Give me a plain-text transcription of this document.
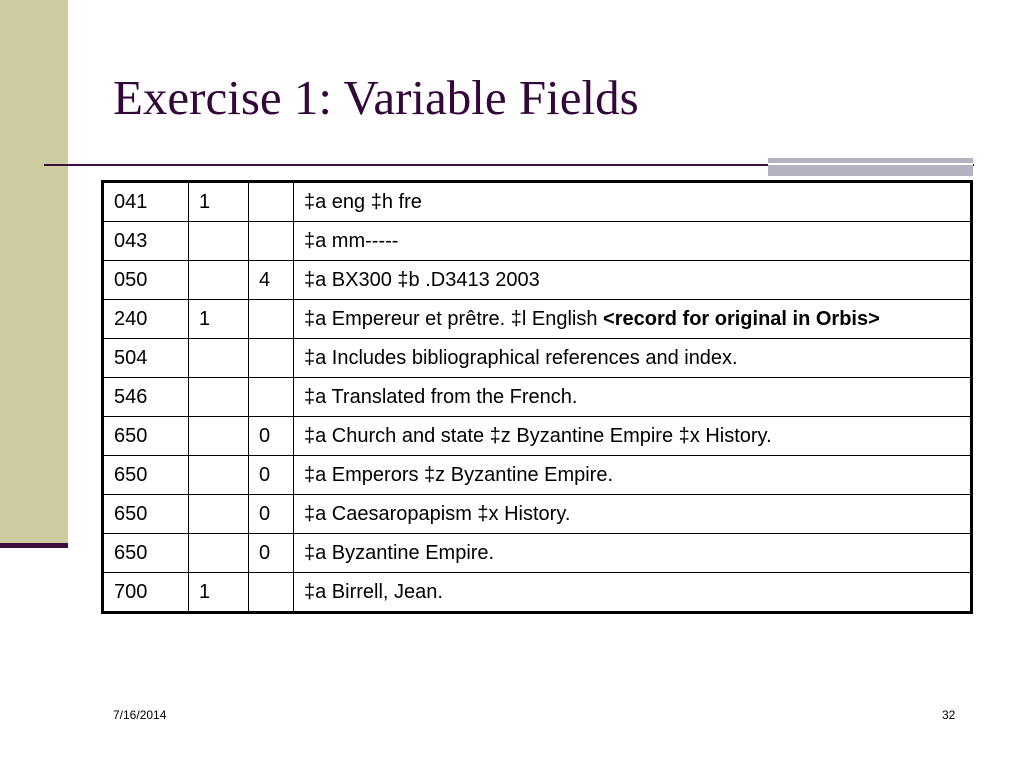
Exercise 1: Variable Fields
041	1		‡a eng ‡h fre
043			‡a mm-----
050		4	‡a BX300 ‡b .D3413 2003
240	1		‡a Empereur et prêtre. ‡l English <record for original in Orbis>
504			‡a Includes bibliographical references and index.
546			‡a Translated from the French.
650		0	‡a Church and state ‡z Byzantine Empire ‡x History.
650		0	‡a Emperors ‡z Byzantine Empire.
650		0	‡a Caesaropapism ‡x History.
650		0	‡a Byzantine Empire.
700	1		‡a Birrell, Jean.
7/16/2014	32
